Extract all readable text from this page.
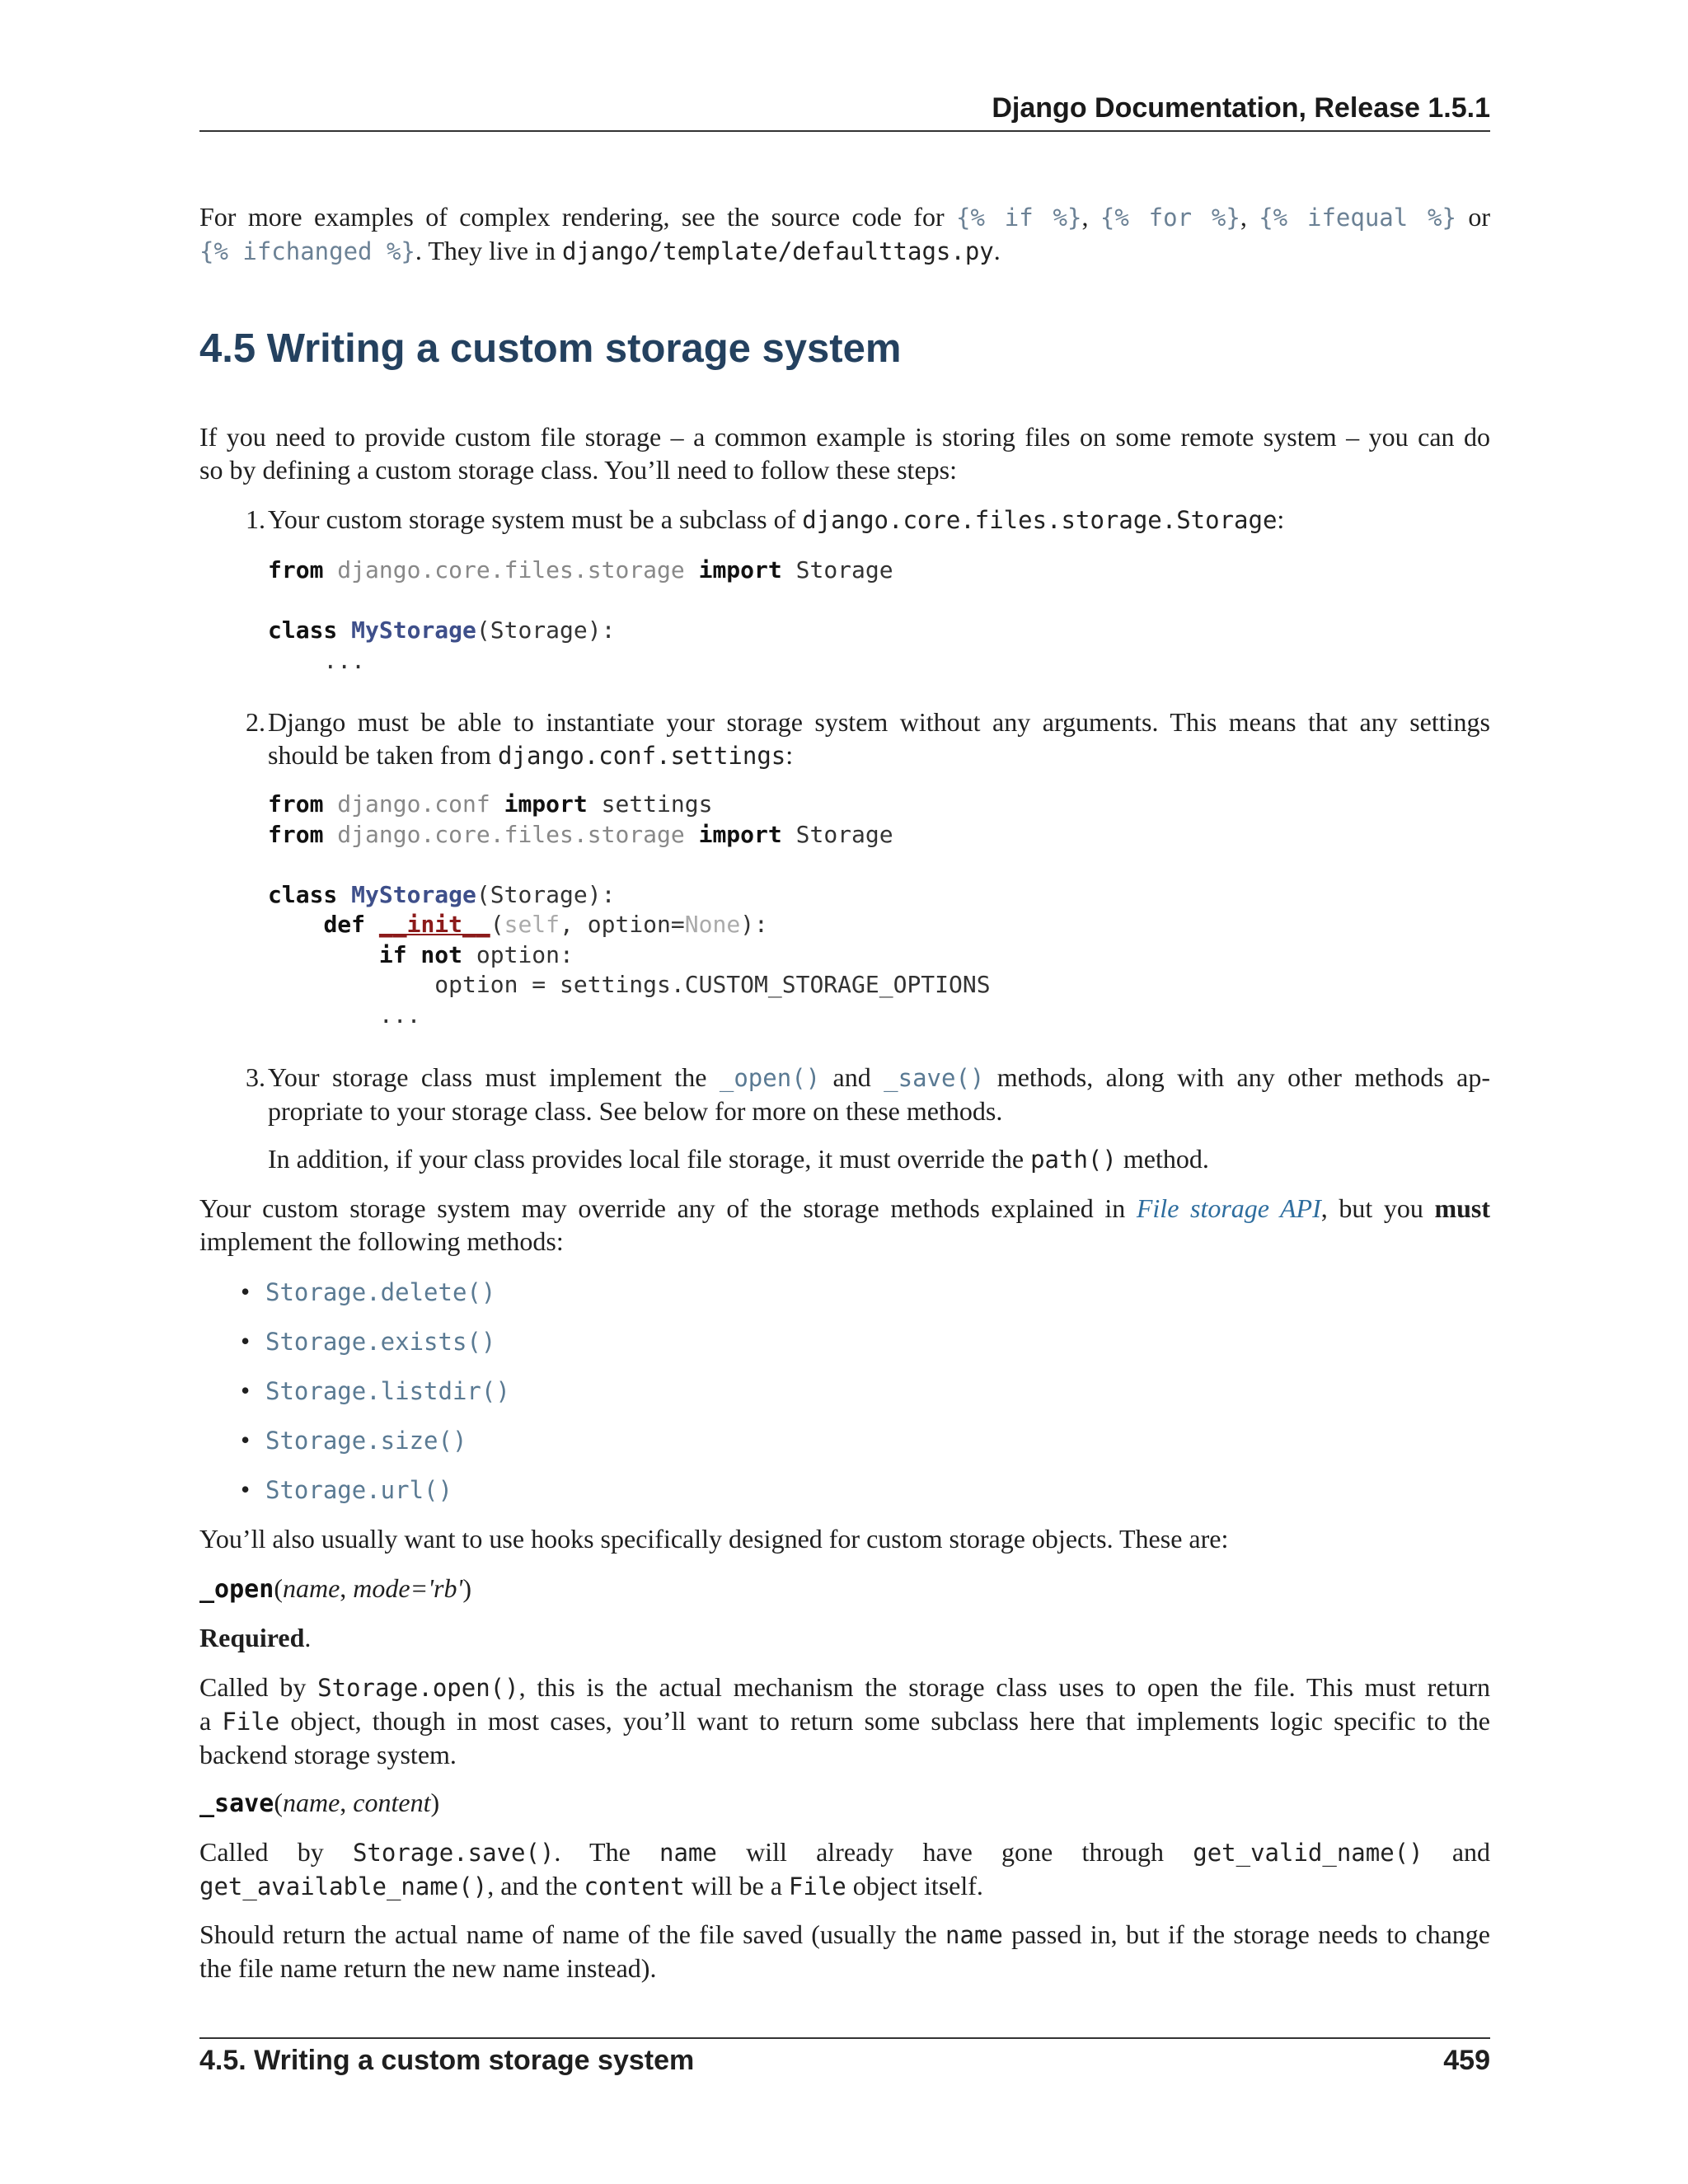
Django Documentation, Release 1.5.1
For more examples of complex rendering, see the source code for {% if %}, {% for %}, {% ifequal %} or
{% ifchanged %}. They live in django/template/defaulttags.py.
4.5 Writing a custom storage system
If you need to provide custom file storage – a common example is storing files on some remote system – you can do
so by defining a custom storage class. You’ll need to follow these steps:
1. Your custom storage system must be a subclass of django.core.files.storage.Storage:
from django.core.files.storage import Storage

class MyStorage(Storage):
...
2. Django must be able to instantiate your storage system without any arguments. This means that any settings
should be taken from django.conf.settings:
from django.conf import settings
from django.core.files.storage import Storage

class MyStorage(Storage):
def __init__(self, option=None):
if not option:
option = settings.CUSTOM_STORAGE_OPTIONS
...
3. Your storage class must implement the _open() and _save() methods, along with any other methods ap-
propriate to your storage class. See below for more on these methods.
In addition, if your class provides local file storage, it must override the path() method.
Your custom storage system may override any of the storage methods explained in File storage API, but you must
implement the following methods:
• Storage.delete()
• Storage.exists()
• Storage.listdir()
• Storage.size()
• Storage.url()
You’ll also usually want to use hooks specifically designed for custom storage objects. These are:
_open(name, mode='rb')
Required.
Called by Storage.open(), this is the actual mechanism the storage class uses to open the file. This must return
a File object, though in most cases, you’ll want to return some subclass here that implements logic specific to the
backend storage system.
_save(name, content)
Called by Storage.save(). The name will already have gone through get_valid_name() and
get_available_name(), and the content will be a File object itself.
Should return the actual name of name of the file saved (usually the name passed in, but if the storage needs to change
the file name return the new name instead).
4.5. Writing a custom storage system	459
